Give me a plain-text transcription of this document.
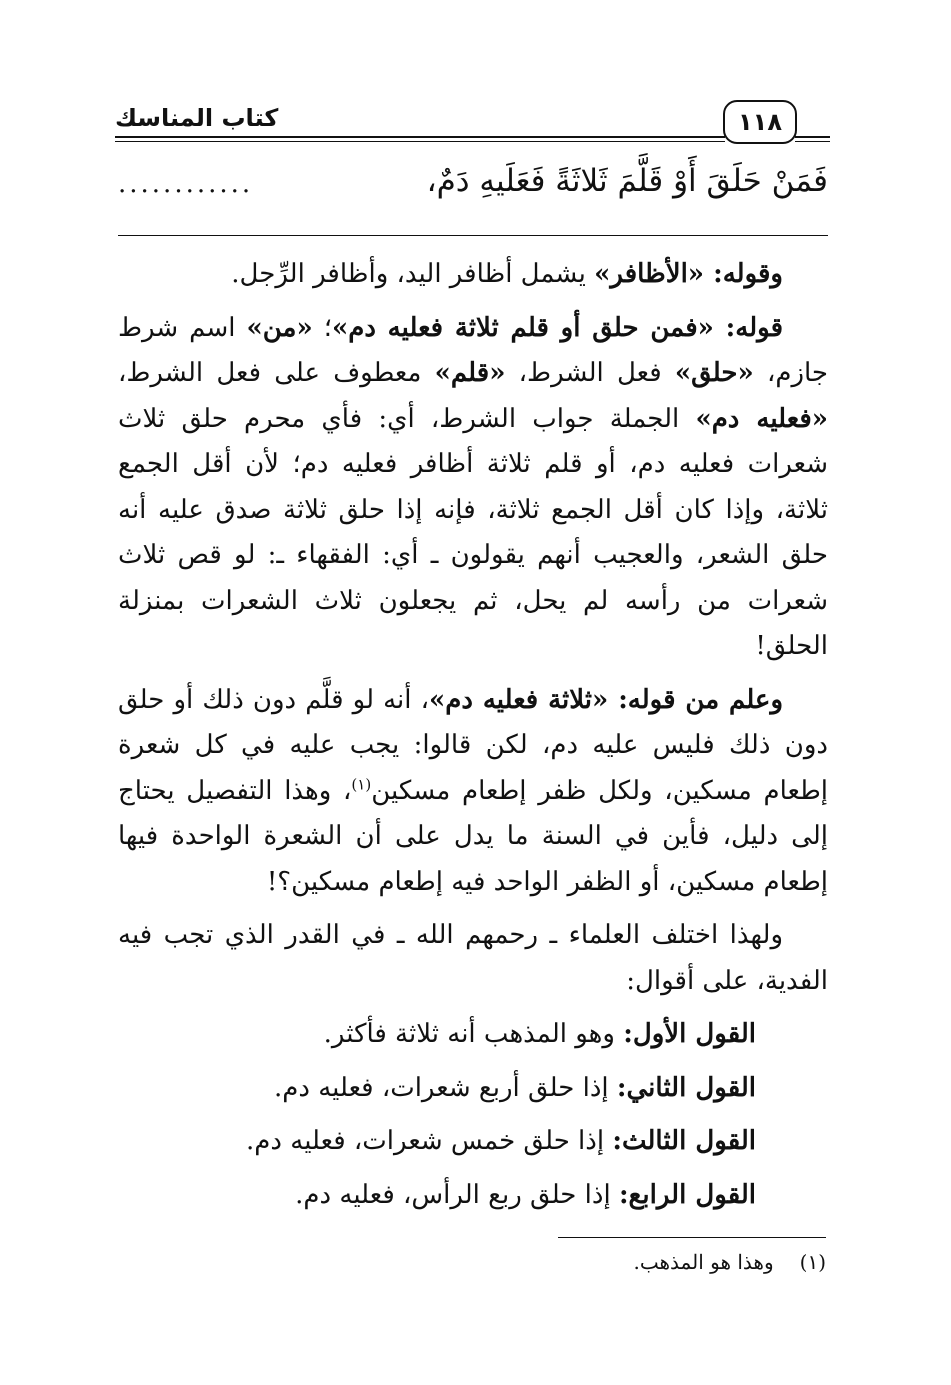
كتاب المناسك	١١٨
فَمَنْ حَلَقَ أَوْ قَلَّمَ ثَلاثَةً فَعَلَيهِ دَمٌ،
............

وقوله: «الأظافر» يشمل أظافر اليد، وأظافر الرِّجل.

قوله: «فمن حلق أو قلم ثلاثة فعليه دم»؛ «من» اسم شرط جازم، «حلق» فعل الشرط، «قلم» معطوف على فعل الشرط، «فعليه دم» الجملة جواب الشرط، أي: فأي محرم حلق ثلاث شعرات فعليه دم، أو قلم ثلاثة أظافر فعليه دم؛ لأن أقل الجمع ثلاثة، وإذا كان أقل الجمع ثلاثة، فإنه إذا حلق ثلاثة صدق عليه أنه حلق الشعر، والعجيب أنهم يقولون ـ أي: الفقهاء ـ: لو قص ثلاث شعرات من رأسه لم يحل، ثم يجعلون ثلاث الشعرات بمنزلة الحلق!

وعلم من قوله: «ثلاثة فعليه دم»، أنه لو قلَّم دون ذلك أو حلق دون ذلك فليس عليه دم، لكن قالوا: يجب عليه في كل شعرة إطعام مسكين، ولكل ظفر إطعام مسكين$^{(١)}$، وهذا التفصيل يحتاج إلى دليل، فأين في السنة ما يدل على أن الشعرة الواحدة فيها إطعام مسكين، أو الظفر الواحد فيه إطعام مسكين؟!

ولهذا اختلف العلماء ـ رحمهم الله ـ في القدر الذي تجب فيه الفدية، على أقوال:

القول الأول: وهو المذهب أنه ثلاثة فأكثر.

القول الثاني: إذا حلق أربع شعرات، فعليه دم.

القول الثالث: إذا حلق خمس شعرات، فعليه دم.

القول الرابع: إذا حلق ربع الرأس، فعليه دم.

(١)وهذا هو المذهب.
